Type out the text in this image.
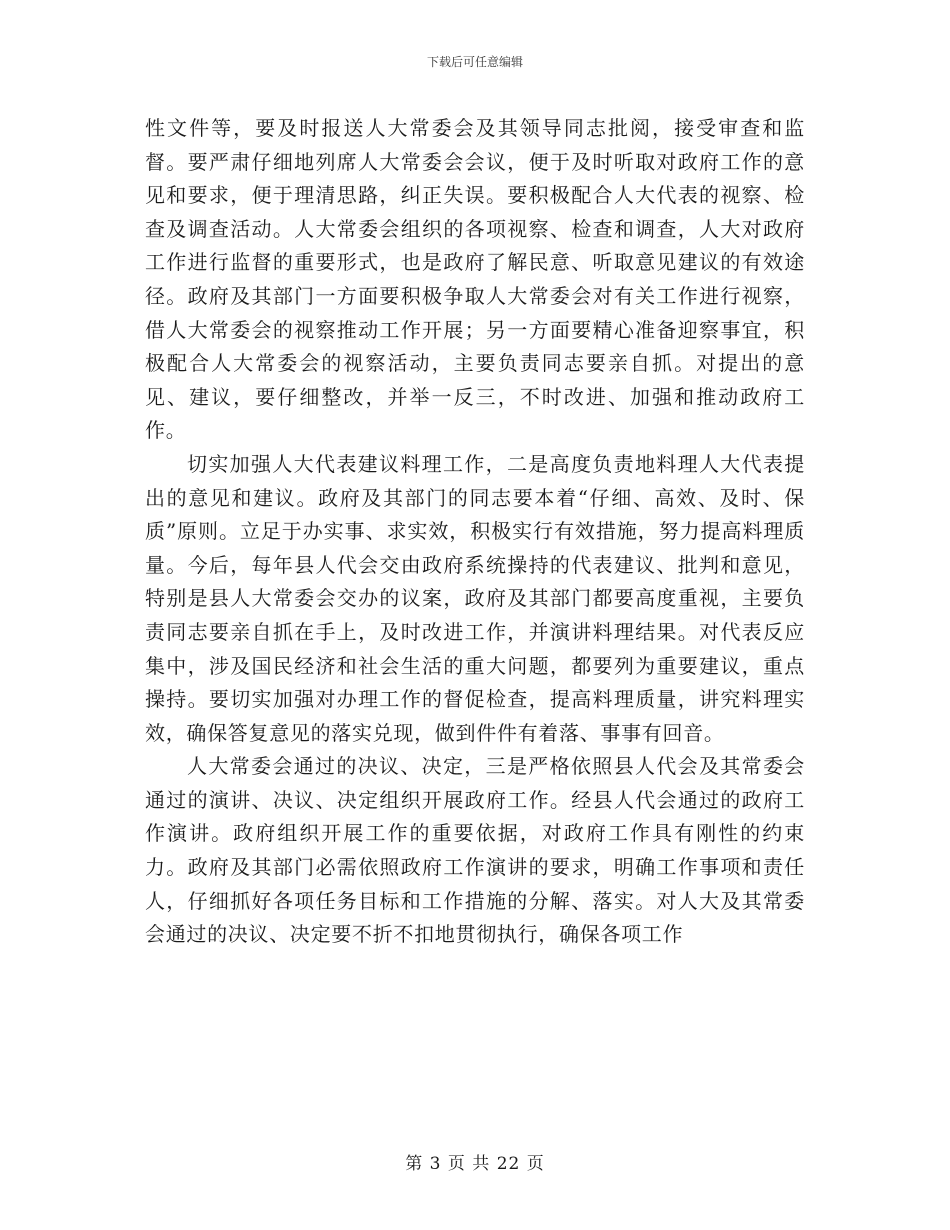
下载后可任意编辑

性文件等，要及时报送人大常委会及其领导同志批阅，接受审查和监督。要严肃仔细地列席人大常委会会议，便于及时听取对政府工作的意见和要求，便于理清思路，纠正失误。要积极配合人大代表的视察、检查及调查活动。人大常委会组织的各项视察、检查和调查，人大对政府工作进行监督的重要形式，也是政府了解民意、听取意见建议的有效途径。政府及其部门一方面要积极争取人大常委会对有关工作进行视察，借人大常委会的视察推动工作开展；另一方面要精心准备迎察事宜，积极配合人大常委会的视察活动，主要负责同志要亲自抓。对提出的意见、建议，要仔细整改，并举一反三，不时改进、加强和推动政府工作。

切实加强人大代表建议料理工作，二是高度负责地料理人大代表提出的意见和建议。政府及其部门的同志要本着“仔细、高效、及时、保质”原则。立足于办实事、求实效，积极实行有效措施，努力提高料理质量。今后，每年县人代会交由政府系统操持的代表建议、批判和意见，特别是县人大常委会交办的议案，政府及其部门都要高度重视，主要负责同志要亲自抓在手上，及时改进工作，并演讲料理结果。对代表反应集中，涉及国民经济和社会生活的重大问题，都要列为重要建议，重点操持。要切实加强对办理工作的督促检查，提高料理质量，讲究料理实效，确保答复意见的落实兑现，做到件件有着落、事事有回音。

人大常委会通过的决议、决定，三是严格依照县人代会及其常委会通过的演讲、决议、决定组织开展政府工作。经县人代会通过的政府工作演讲。政府组织开展工作的重要依据，对政府工作具有刚性的约束力。政府及其部门必需依照政府工作演讲的要求，明确工作事项和责任人，仔细抓好各项任务目标和工作措施的分解、落实。对人大及其常委会通过的决议、决定要不折不扣地贯彻执行，确保各项工作

第 3 页 共 22 页
